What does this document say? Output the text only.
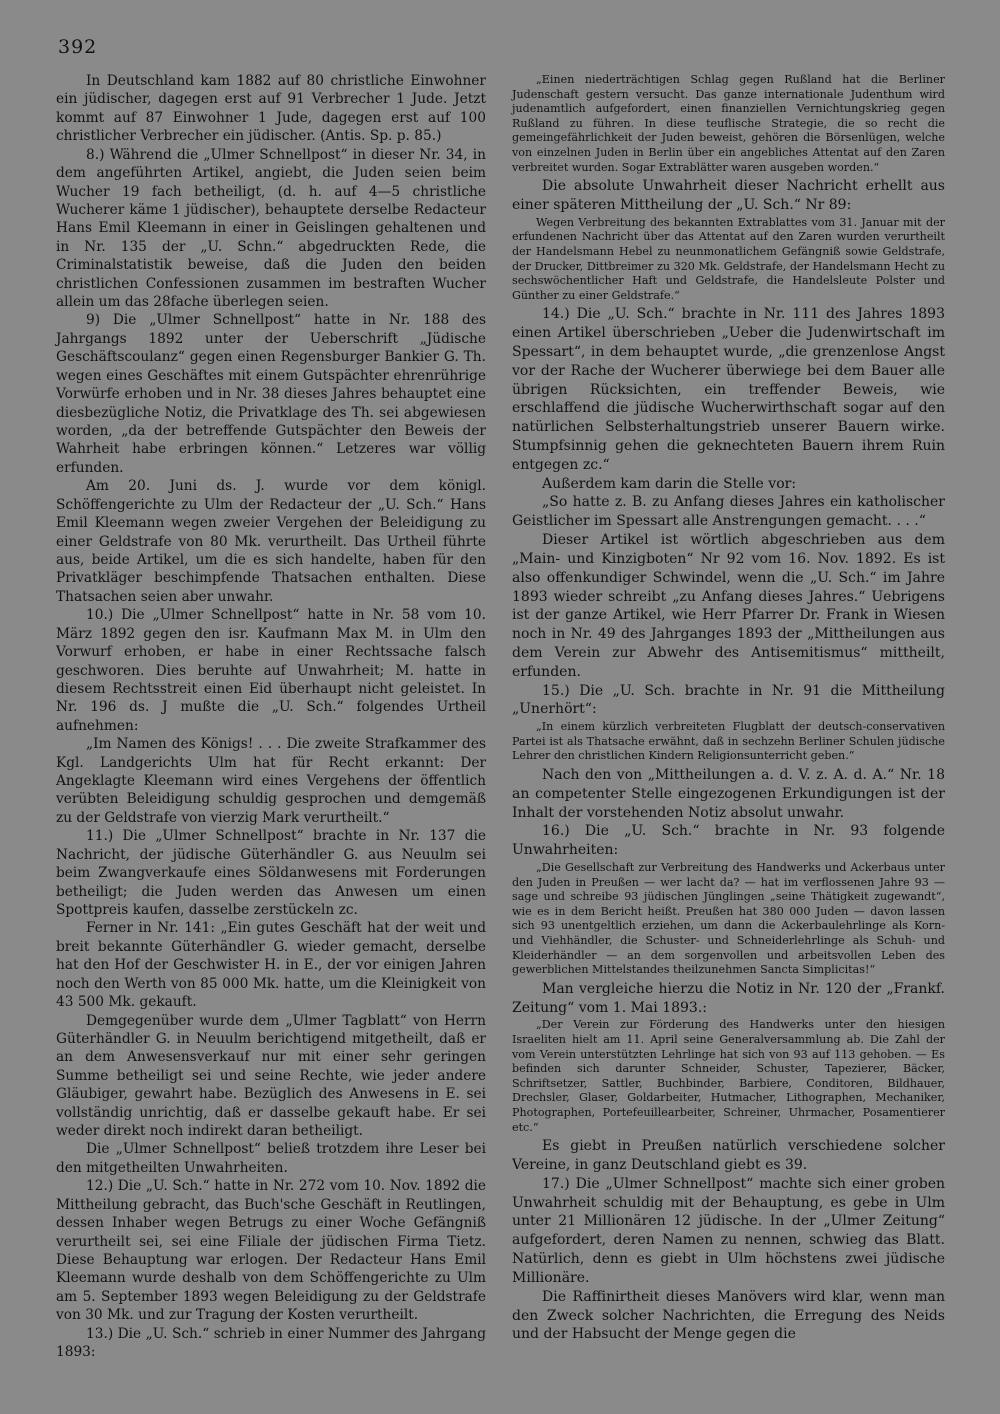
392

In Deutschland kam 1882 auf 80 christliche Einwohner ein jüdischer, dagegen erst auf 91 Verbrecher 1 Jude. Jetzt kommt auf 87 Einwohner 1 Jude, dagegen erst auf 100 christlicher Verbrecher ein jüdischer. (Antis. Sp. p. 85.)

8.) Während die „Ulmer Schnellpost“ in dieser Nr. 34, in dem angeführten Artikel, angiebt, die Juden seien beim Wucher 19 fach betheiligt, (d. h. auf 4—5 christliche Wucherer käme 1 jüdischer), behauptete derselbe Redacteur Hans Emil Kleemann in einer in Geislingen gehaltenen und in Nr. 135 der „U. Schn.“ abgedruckten Rede, die Criminalstatistik beweise, daß die Juden den beiden christlichen Confessionen zusammen im bestraften Wucher allein um das 28fache überlegen seien.

9) Die „Ulmer Schnellpost“ hatte in Nr. 188 des Jahrgangs 1892 unter der Ueberschrift „Jüdische Geschäftscoulanz“ gegen einen Regensburger Bankier G. Th. wegen eines Geschäftes mit einem Gutspächter ehrenrührige Vorwürfe erhoben und in Nr. 38 dieses Jahres behauptet eine diesbezügliche Notiz, die Privatklage des Th. sei abgewiesen worden, „da der betreffende Gutspächter den Beweis der Wahrheit habe erbringen können.“ Letzeres war völlig erfunden.

Am 20. Juni ds. J. wurde vor dem königl. Schöffengerichte zu Ulm der Redacteur der „U. Sch.“ Hans Emil Kleemann wegen zweier Vergehen der Beleidigung zu einer Geldstrafe von 80 Mk. verurtheilt. Das Urtheil führte aus, beide Artikel, um die es sich handelte, haben für den Privatkläger beschimpfende Thatsachen enthalten. Diese Thatsachen seien aber unwahr.

10.) Die „Ulmer Schnellpost“ hatte in Nr. 58 vom 10. März 1892 gegen den isr. Kaufmann Max M. in Ulm den Vorwurf erhoben, er habe in einer Rechtssache falsch geschworen. Dies beruhte auf Unwahrheit; M. hatte in diesem Rechtsstreit einen Eid überhaupt nicht geleistet. In Nr. 196 ds. J mußte die „U. Sch.“ folgendes Urtheil aufnehmen:

„Im Namen des Königs! . . . Die zweite Strafkammer des Kgl. Landgerichts Ulm hat für Recht erkannt: Der Angeklagte Kleemann wird eines Vergehens der öffentlich verübten Beleidigung schuldig gesprochen und demgemäß zu der Geldstrafe von vierzig Mark verurtheilt.“

11.) Die „Ulmer Schnellpost“ brachte in Nr. 137 die Nachricht, der jüdische Güterhändler G. aus Neuulm sei beim Zwangverkaufe eines Söldanwesens mit Forderungen betheiligt; die Juden werden das Anwesen um einen Spottpreis kaufen, dasselbe zerstückeln zc.

Ferner in Nr. 141: „Ein gutes Geschäft hat der weit und breit bekannte Güterhändler G. wieder gemacht, derselbe hat den Hof der Geschwister H. in E., der vor einigen Jahren noch den Werth von 85 000 Mk. hatte, um die Kleinigkeit von 43 500 Mk. gekauft.

Demgegenüber wurde dem „Ulmer Tagblatt“ von Herrn Güterhändler G. in Neuulm berichtigend mitgetheilt, daß er an dem Anwesensverkauf nur mit einer sehr geringen Summe betheiligt sei und seine Rechte, wie jeder andere Gläubiger, gewahrt habe. Bezüglich des Anwesens in E. sei vollständig unrichtig, daß er dasselbe gekauft habe. Er sei weder direkt noch indirekt daran betheiligt.

Die „Ulmer Schnellpost“ beließ trotzdem ihre Leser bei den mitgetheilten Unwahrheiten.

12.) Die „U. Sch.“ hatte in Nr. 272 vom 10. Nov. 1892 die Mittheilung gebracht, das Buch'sche Geschäft in Reutlingen, dessen Inhaber wegen Betrugs zu einer Woche Gefängniß verurtheilt sei, sei eine Filiale der jüdischen Firma Tietz. Diese Behauptung war erlogen. Der Redacteur Hans Emil Kleemann wurde deshalb von dem Schöffengerichte zu Ulm am 5. September 1893 wegen Beleidigung zu der Geldstrafe von 30 Mk. und zur Tragung der Kosten verurtheilt.

13.) Die „U. Sch.“ schrieb in einer Nummer des Jahrgang 1893:

„Einen niederträchtigen Schlag gegen Rußland hat die Berliner Judenschaft gestern versucht. Das ganze internationale Judenthum wird judenamtlich aufgefordert, einen finanziellen Vernichtungskrieg gegen Rußland zu führen. In diese teuflische Strategie, die so recht die gemeingefährlichkeit der Juden beweist, gehören die Börsenlügen, welche von einzelnen Juden in Berlin über ein angebliches Attentat auf den Zaren verbreitet wurden. Sogar Extrablätter waren ausgeben worden.“

Die absolute Unwahrheit dieser Nachricht erhellt aus einer späteren Mittheilung der „U. Sch.“ Nr 89:

Wegen Verbreitung des bekannten Extrablattes vom 31. Januar mit der erfundenen Nachricht über das Attentat auf den Zaren wurden verurtheilt der Handelsmann Hebel zu neunmonatlichem Gefängniß sowie Geldstrafe, der Drucker, Dittbreimer zu 320 Mk. Geldstrafe, der Handelsmann Hecht zu sechswöchentlicher Haft und Geldstrafe, die Handelsleute Polster und Günther zu einer Geldstrafe.“

14.) Die „U. Sch.“ brachte in Nr. 111 des Jahres 1893 einen Artikel überschrieben „Ueber die Judenwirtschaft im Spessart“, in dem behauptet wurde, „die grenzenlose Angst vor der Rache der Wucherer überwiege bei dem Bauer alle übrigen Rücksichten, ein treffender Beweis, wie erschlaffend die jüdische Wucherwirthschaft sogar auf den natürlichen Selbsterhaltungstrieb unserer Bauern wirke. Stumpfsinnig gehen die geknechteten Bauern ihrem Ruin entgegen zc.“

Außerdem kam darin die Stelle vor:

„So hatte z. B. zu Anfang dieses Jahres ein katholischer Geistlicher im Spessart alle Anstrengungen gemacht. . . .“

Dieser Artikel ist wörtlich abgeschrieben aus dem „Main- und Kinzigboten“ Nr 92 vom 16. Nov. 1892. Es ist also offenkundiger Schwindel, wenn die „U. Sch.“ im Jahre 1893 wieder schreibt „zu Anfang dieses Jahres.“ Uebrigens ist der ganze Artikel, wie Herr Pfarrer Dr. Frank in Wiesen noch in Nr. 49 des Jahrganges 1893 der „Mittheilungen aus dem Verein zur Abwehr des Antisemitismus“ mittheilt, erfunden.

15.) Die „U. Sch. brachte in Nr. 91 die Mittheilung „Unerhört“:

„In einem kürzlich verbreiteten Flugblatt der deutsch-conservativen Partei ist als Thatsache erwähnt, daß in sechzehn Berliner Schulen jüdische Lehrer den christlichen Kindern Religionsunterricht geben.“

Nach den von „Mittheilungen a. d. V. z. A. d. A.“ Nr. 18 an competenter Stelle eingezogenen Erkundigungen ist der Inhalt der vorstehenden Notiz absolut unwahr.

16.) Die „U. Sch.“ brachte in Nr. 93 folgende Unwahrheiten:

„Die Gesellschaft zur Verbreitung des Handwerks und Ackerbaus unter den Juden in Preußen — wer lacht da? — hat im verflossenen Jahre 93 — sage und schreibe 93 jüdischen Jünglingen „seine Thätigkeit zugewandt“, wie es in dem Bericht heißt. Preußen hat 380 000 Juden — davon lassen sich 93 unentgeltlich erziehen, um dann die Ackerbaulehrlinge als Korn- und Viehhändler, die Schuster- und Schneiderlehrlinge als Schuh- und Kleiderhändler — an dem sorgenvollen und arbeitsvollen Leben des gewerblichen Mittelstandes theilzunehmen Sancta Simplicitas!“

Man vergleiche hierzu die Notiz in Nr. 120 der „Frankf. Zeitung“ vom 1. Mai 1893.:

„Der Verein zur Förderung des Handwerks unter den hiesigen Israeliten hielt am 11. April seine Generalversammlung ab. Die Zahl der vom Verein unterstützten Lehrlinge hat sich von 93 auf 113 gehoben. — Es befinden sich darunter Schneider, Schuster, Tapezierer, Bäcker, Schriftsetzer, Sattler, Buchbinder, Barbiere, Conditoren, Bildhauer, Drechsler, Glaser, Goldarbeiter, Hutmacher, Lithographen, Mechaniker, Photographen, Portefeuillearbeiter, Schreiner, Uhrmacher, Posamentierer etc.“

Es giebt in Preußen natürlich verschiedene solcher Vereine, in ganz Deutschland giebt es 39.

17.) Die „Ulmer Schnellpost“ machte sich einer groben Unwahrheit schuldig mit der Behauptung, es gebe in Ulm unter 21 Millionären 12 jüdische. In der „Ulmer Zeitung“ aufgefordert, deren Namen zu nennen, schwieg das Blatt. Natürlich, denn es giebt in Ulm höchstens zwei jüdische Millionäre.

Die Raffinirtheit dieses Manövers wird klar, wenn man den Zweck solcher Nachrichten, die Erregung des Neids und der Habsucht der Menge gegen die
